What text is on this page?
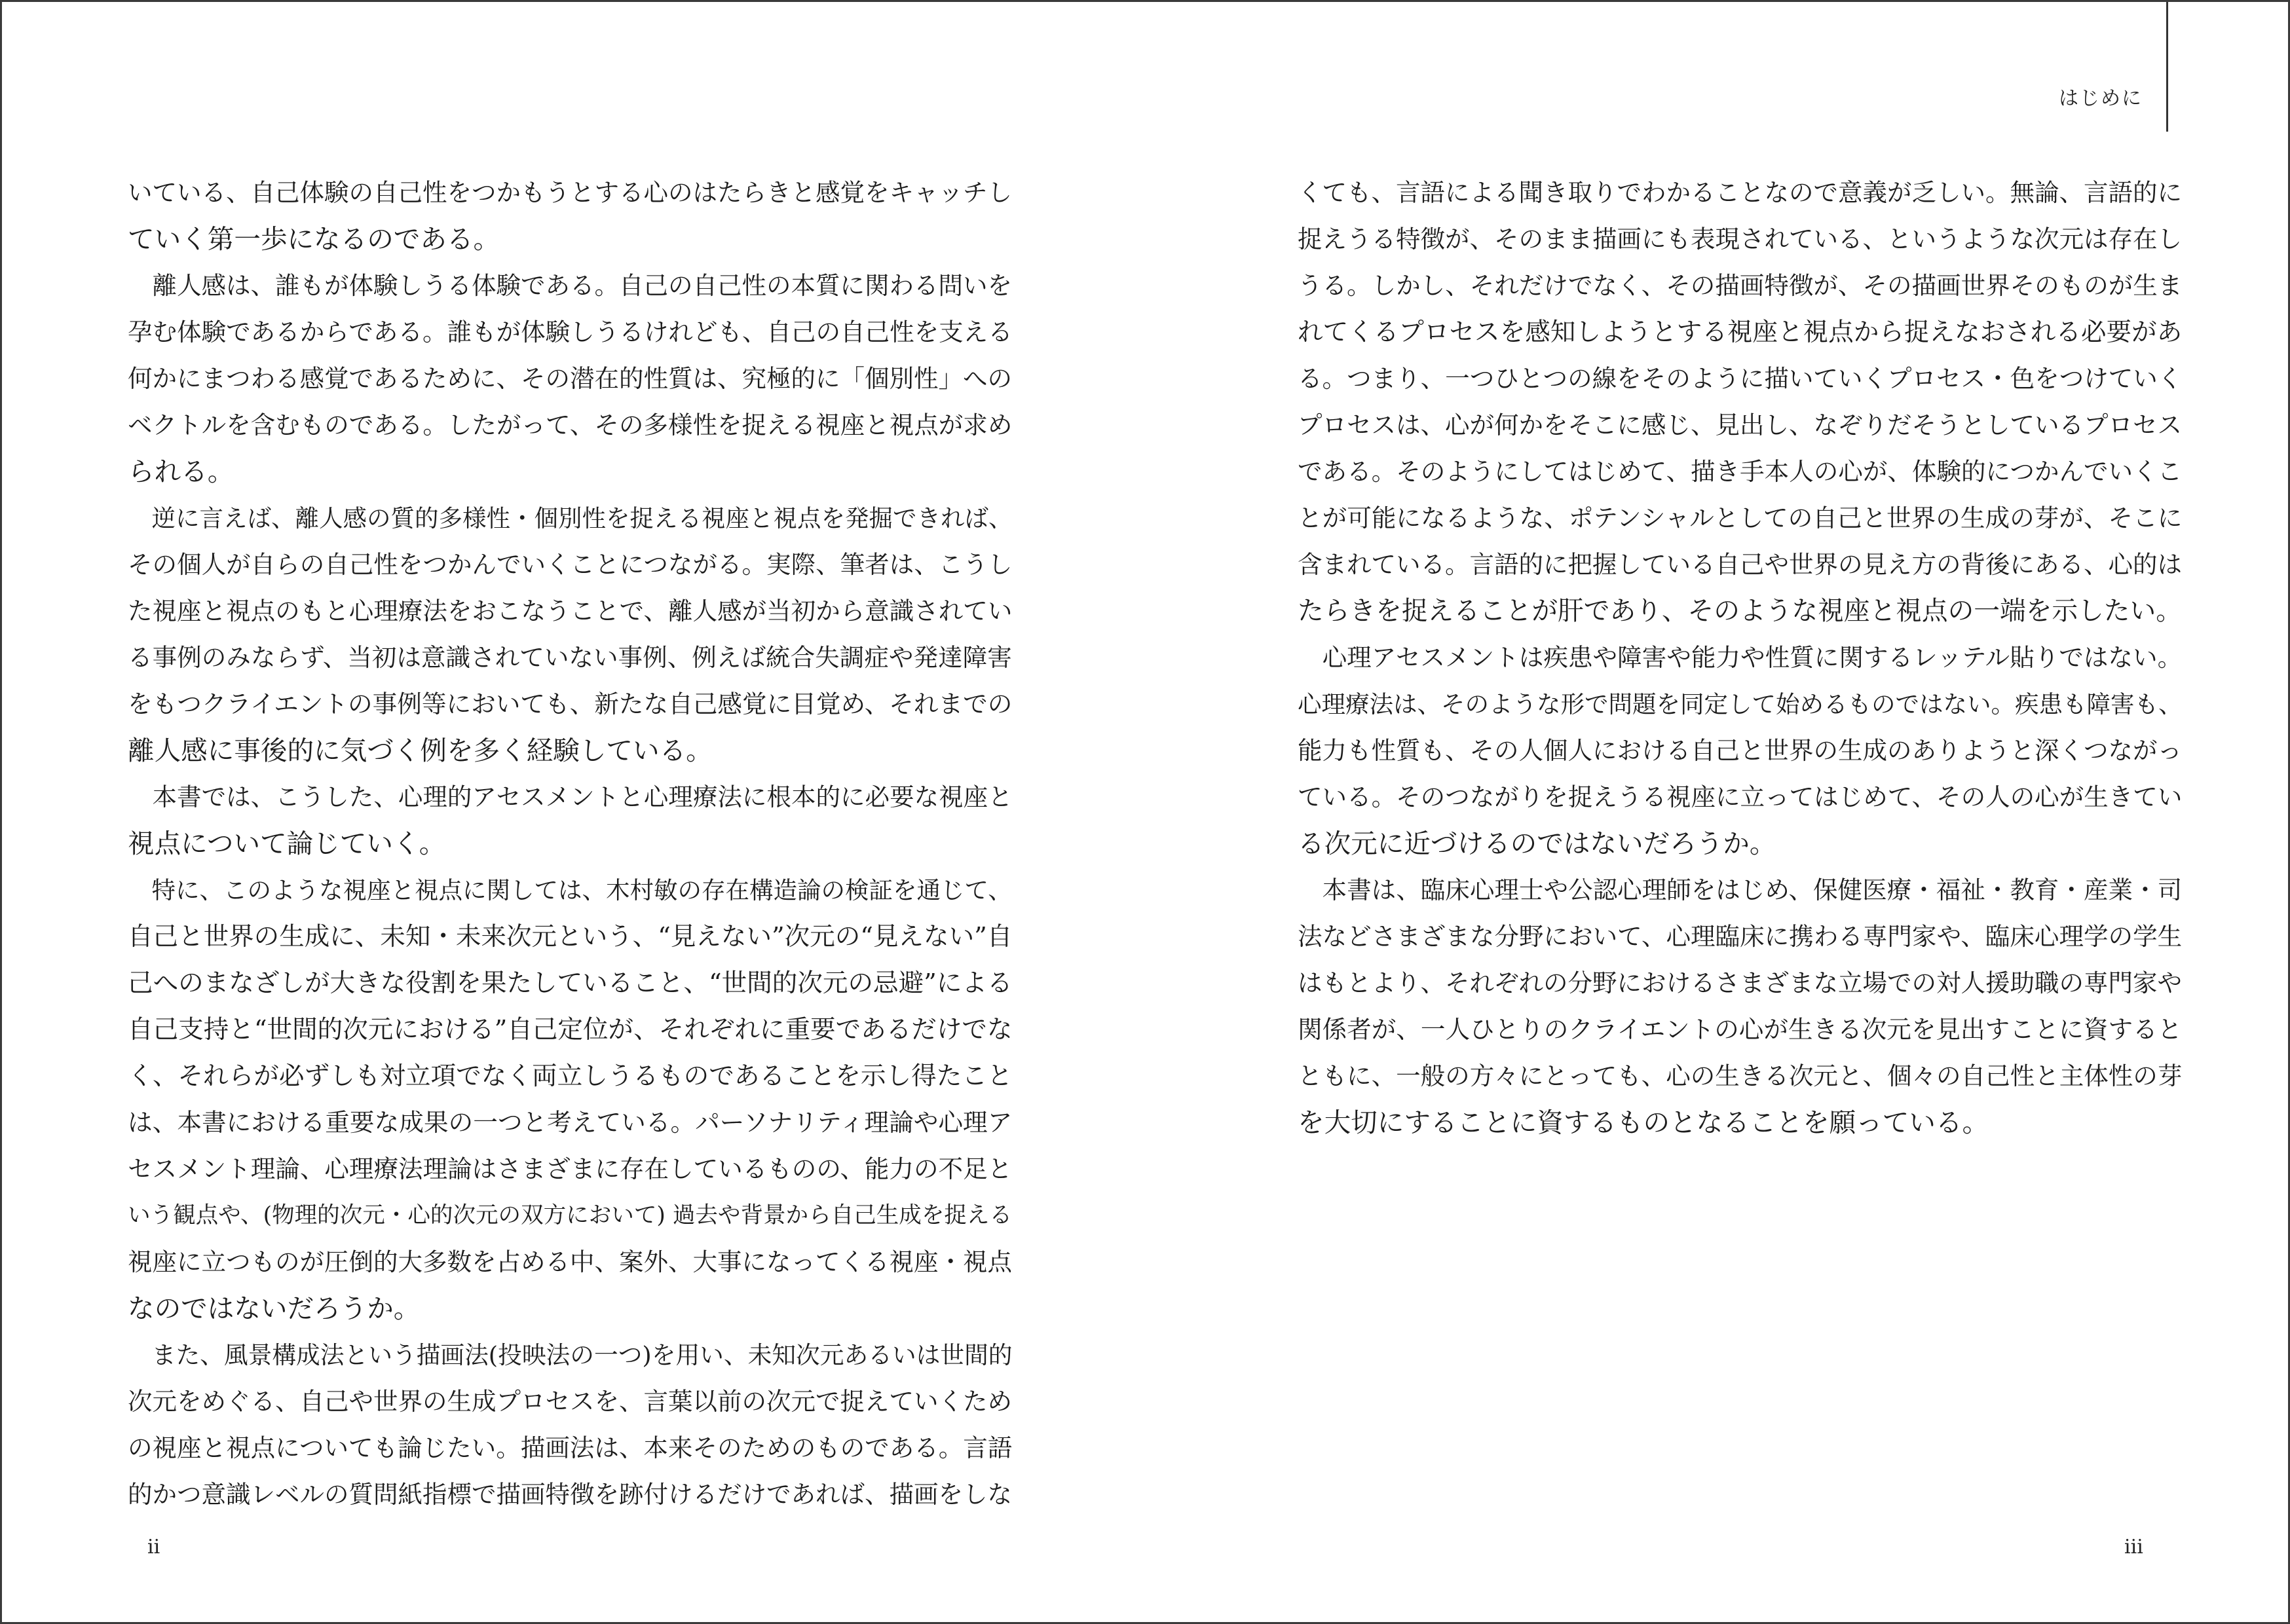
はじめに
いている、自己体験の自己性をつかもうとする心のはたらきと感覚をキャッチし
ていく第一歩になるのである。
　離人感は、誰もが体験しうる体験である。自己の自己性の本質に関わる問いを
孕む体験であるからである。誰もが体験しうるけれども、自己の自己性を支える
何かにまつわる感覚であるために、その潜在的性質は、究極的に「個別性」への
ベクトルを含むものである。したがって、その多様性を捉える視座と視点が求め
られる。
　逆に言えば、離人感の質的多様性・個別性を捉える視座と視点を発掘できれば、
その個人が自らの自己性をつかんでいくことにつながる。実際、筆者は、こうし
た視座と視点のもと心理療法をおこなうことで、離人感が当初から意識されてい
る事例のみならず、当初は意識されていない事例、例えば統合失調症や発達障害
をもつクライエントの事例等においても、新たな自己感覚に目覚め、それまでの
離人感に事後的に気づく例を多く経験している。
　本書では、こうした、心理的アセスメントと心理療法に根本的に必要な視座と
視点について論じていく。
　特に、このような視座と視点に関しては、木村敏の存在構造論の検証を通じて、
自己と世界の生成に、未知・未来次元という、“見えない”次元の“見えない”自
己へのまなざしが大きな役割を果たしていること、“世間的次元の忌避”による
自己支持と“世間的次元における”自己定位が、それぞれに重要であるだけでな
く、それらが必ずしも対立項でなく両立しうるものであることを示し得たこと
は、本書における重要な成果の一つと考えている。パーソナリティ理論や心理ア
セスメント理論、心理療法理論はさまざまに存在しているものの、能力の不足と
いう観点や、(物理的次元・心的次元の双方において) 過去や背景から自己生成を捉える
視座に立つものが圧倒的大多数を占める中、案外、大事になってくる視座・視点
なのではないだろうか。
　また、風景構成法という描画法(投映法の一つ)を用い、未知次元あるいは世間的
次元をめぐる、自己や世界の生成プロセスを、言葉以前の次元で捉えていくため
の視座と視点についても論じたい。描画法は、本来そのためのものである。言語
的かつ意識レベルの質問紙指標で描画特徴を跡付けるだけであれば、描画をしな
くても、言語による聞き取りでわかることなので意義が乏しい。無論、言語的に
捉えうる特徴が、そのまま描画にも表現されている、というような次元は存在し
うる。しかし、それだけでなく、その描画特徴が、その描画世界そのものが生ま
れてくるプロセスを感知しようとする視座と視点から捉えなおされる必要があ
る。つまり、一つひとつの線をそのように描いていくプロセス・色をつけていく
プロセスは、心が何かをそこに感じ、見出し、なぞりだそうとしているプロセス
である。そのようにしてはじめて、描き手本人の心が、体験的につかんでいくこ
とが可能になるような、ポテンシャルとしての自己と世界の生成の芽が、そこに
含まれている。言語的に把握している自己や世界の見え方の背後にある、心的は
たらきを捉えることが肝であり、そのような視座と視点の一端を示したい。
　心理アセスメントは疾患や障害や能力や性質に関するレッテル貼りではない。
心理療法は、そのような形で問題を同定して始めるものではない。疾患も障害も、
能力も性質も、その人個人における自己と世界の生成のありようと深くつながっ
ている。そのつながりを捉えうる視座に立ってはじめて、その人の心が生きてい
る次元に近づけるのではないだろうか。
　本書は、臨床心理士や公認心理師をはじめ、保健医療・福祉・教育・産業・司
法などさまざまな分野において、心理臨床に携わる専門家や、臨床心理学の学生
はもとより、それぞれの分野におけるさまざまな立場での対人援助職の専門家や
関係者が、一人ひとりのクライエントの心が生きる次元を見出すことに資すると
ともに、一般の方々にとっても、心の生きる次元と、個々の自己性と主体性の芽
を大切にすることに資するものとなることを願っている。
ii	iii
